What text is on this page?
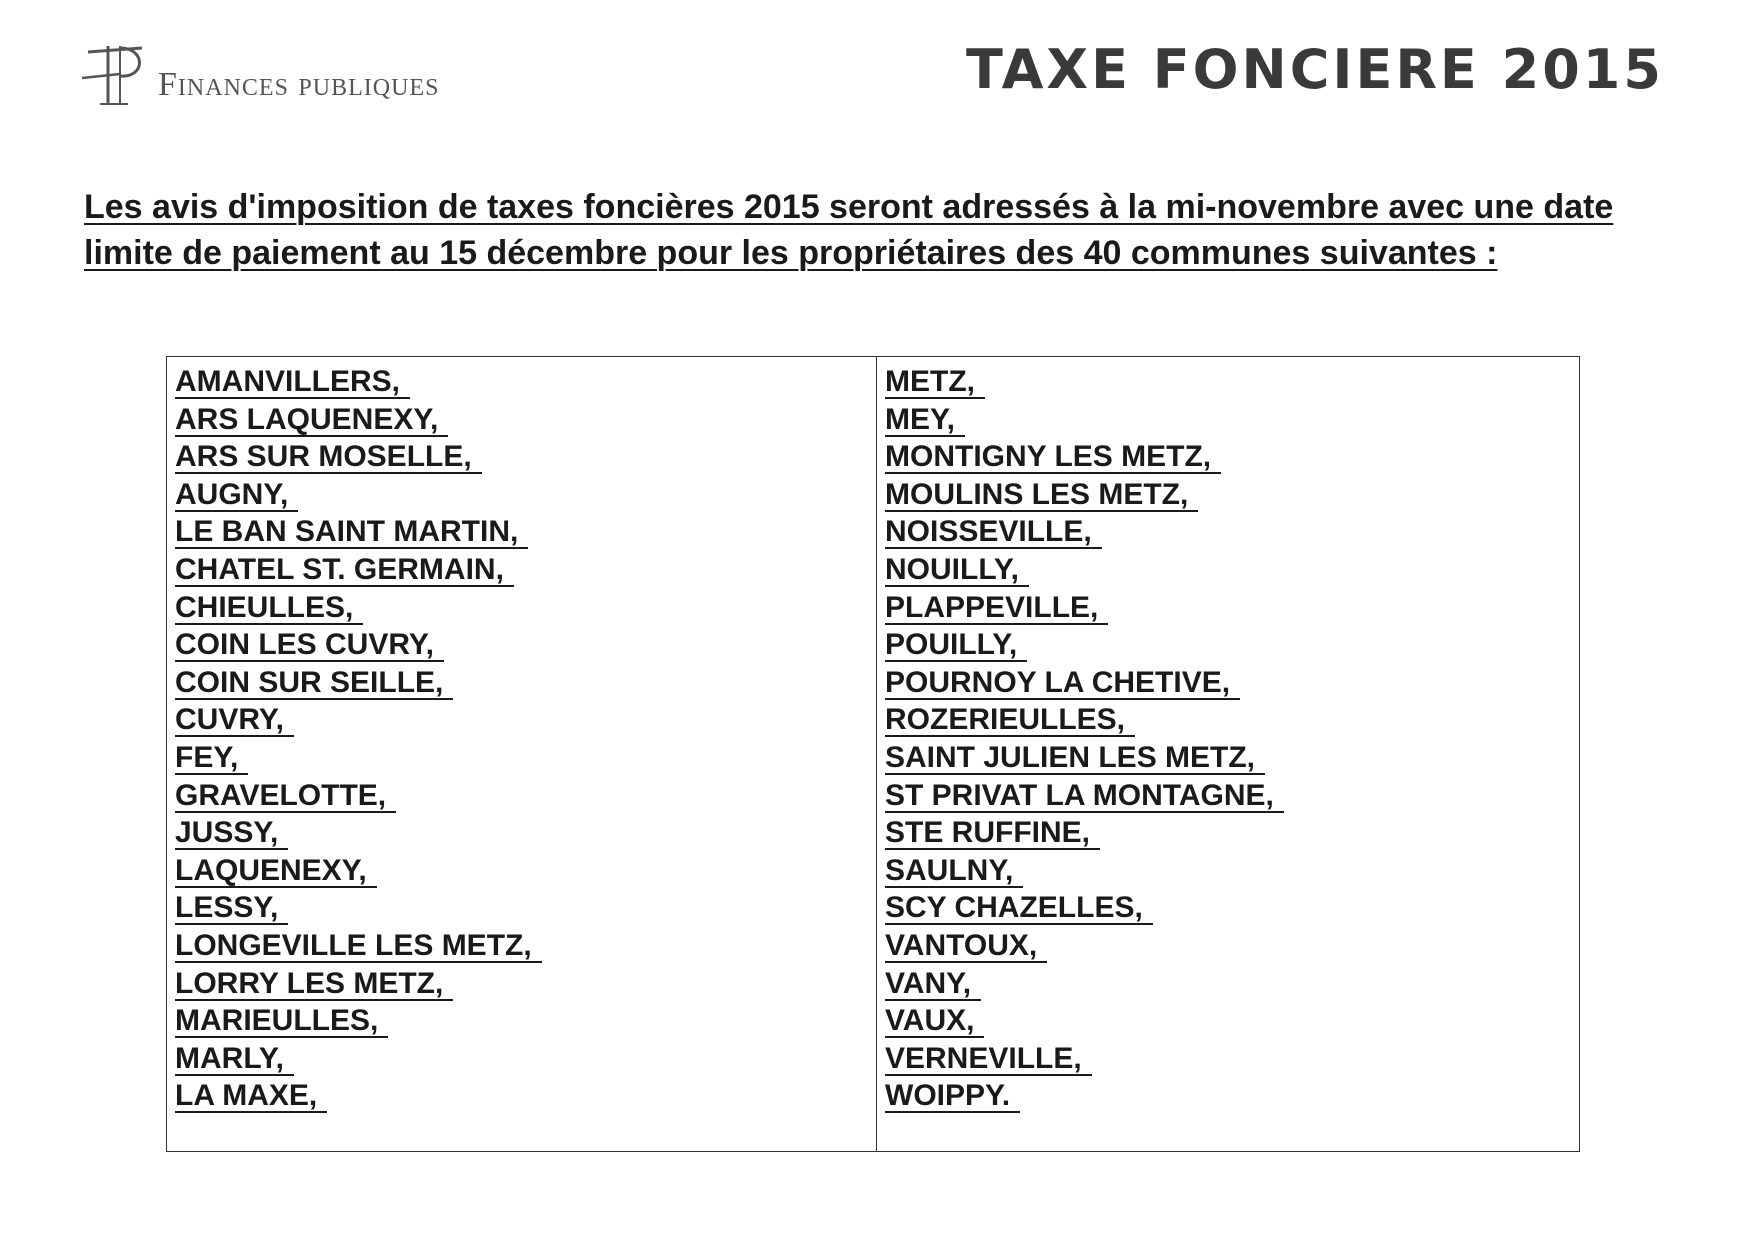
Finances publiques	TAXE FONCIERE 2015
Les avis d'imposition de taxes foncières 2015 seront adressés à la mi-novembre avec une date limite de paiement au 15 décembre pour les propriétaires des 40 communes suivantes :
AMANVILLERS,
ARS LAQUENEXY,
ARS SUR MOSELLE,
AUGNY,
LE BAN SAINT MARTIN,
CHATEL ST. GERMAIN,
CHIEULLES,
COIN LES CUVRY,
COIN SUR SEILLE,
CUVRY,
FEY,
GRAVELOTTE,
JUSSY,
LAQUENEXY,
LESSY,
LONGEVILLE LES METZ,
LORRY LES METZ,
MARIEULLES,
MARLY,
LA MAXE,
METZ,
MEY,
MONTIGNY LES METZ,
MOULINS LES METZ,
NOISSEVILLE,
NOUILLY,
PLAPPEVILLE,
POUILLY,
POURNOY LA CHETIVE,
ROZERIEULLES,
SAINT JULIEN LES METZ,
ST PRIVAT LA MONTAGNE,
STE RUFFINE,
SAULNY,
SCY CHAZELLES,
VANTOUX,
VANY,
VAUX,
VERNEVILLE,
WOIPPY.
